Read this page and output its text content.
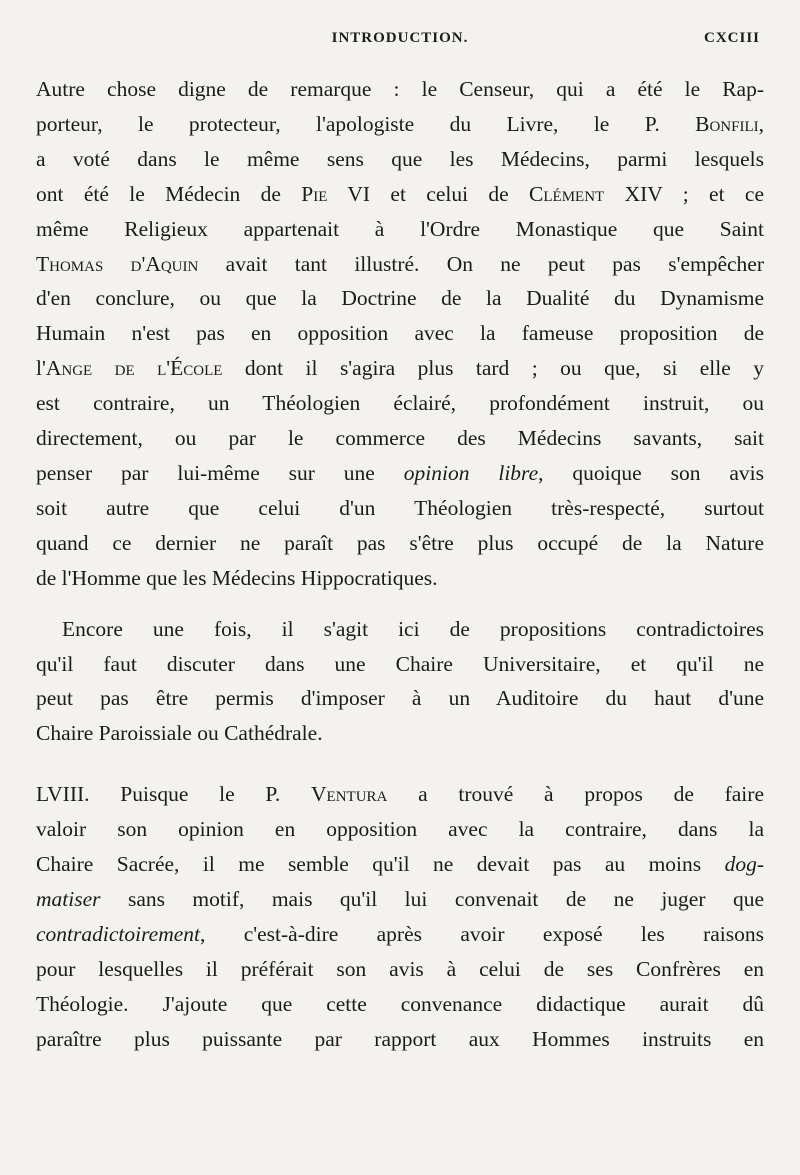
INTRODUCTION.	CXCIII
Autre chose digne de remarque : le Censeur, qui a été le Rap-
porteur, le protecteur, l'apologiste du Livre, le P. Bonfili,
a voté dans le même sens que les Médecins, parmi lesquels
ont été le Médecin de Pie VI et celui de Clément XIV ; et ce
même Religieux appartenait à l'Ordre Monastique que Saint
Thomas d'Aquin avait tant illustré. On ne peut pas s'empêcher
d'en conclure, ou que la Doctrine de la Dualité du Dynamisme
Humain n'est pas en opposition avec la fameuse proposition de
l'Ange de l'École dont il s'agira plus tard ; ou que, si elle y
est contraire, un Théologien éclairé, profondément instruit, ou
directement, ou par le commerce des Médecins savants, sait
penser par lui-même sur une opinion libre, quoique son avis
soit autre que celui d'un Théologien très-respecté, surtout
quand ce dernier ne paraît pas s'être plus occupé de la Nature
de l'Homme que les Médecins Hippocratiques.
Encore une fois, il s'agit ici de propositions contradictoires
qu'il faut discuter dans une Chaire Universitaire, et qu'il ne
peut pas être permis d'imposer à un Auditoire du haut d'une
Chaire Paroissiale ou Cathédrale.
LVIII. Puisque le P. Ventura a trouvé à propos de faire
valoir son opinion en opposition avec la contraire, dans la
Chaire Sacrée, il me semble qu'il ne devait pas au moins dog-
matiser sans motif, mais qu'il lui convenait de ne juger que
contradictoirement, c'est-à-dire après avoir exposé les raisons
pour lesquelles il préférait son avis à celui de ses Confrères en
Théologie. J'ajoute que cette convenance didactique aurait dû
paraître plus puissante par rapport aux Hommes instruits en
